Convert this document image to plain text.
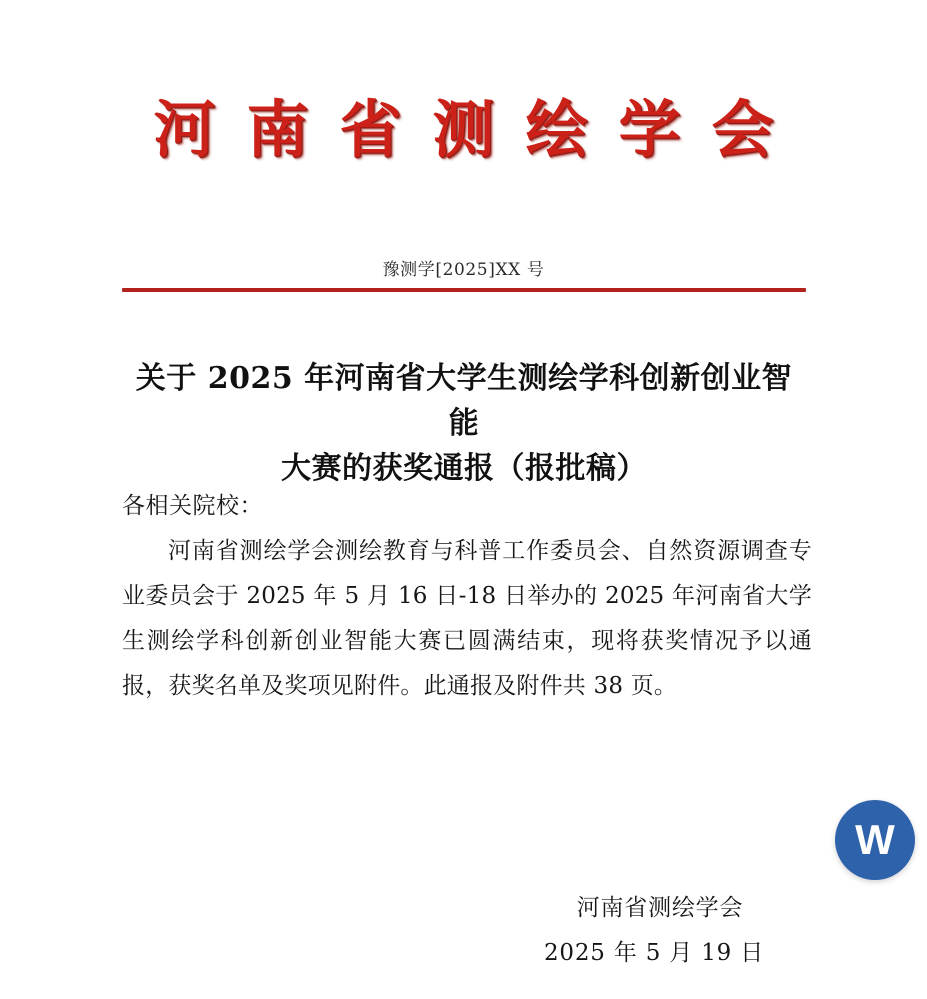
河南省测绘学会
豫测学[2025]XX 号
关于 2025 年河南省大学生测绘学科创新创业智能
大赛的获奖通报（报批稿）
各相关院校：

河南省测绘学会测绘教育与科普工作委员会、自然资源调查专业委员会于 2025 年 5 月 16 日-18 日举办的 2025 年河南省大学生测绘学科创新创业智能大赛已圆满结束，现将获奖情况予以通报，获奖名单及奖项见附件。此通报及附件共 38 页。

河南省测绘学会
2025 年 5 月 19 日
W
